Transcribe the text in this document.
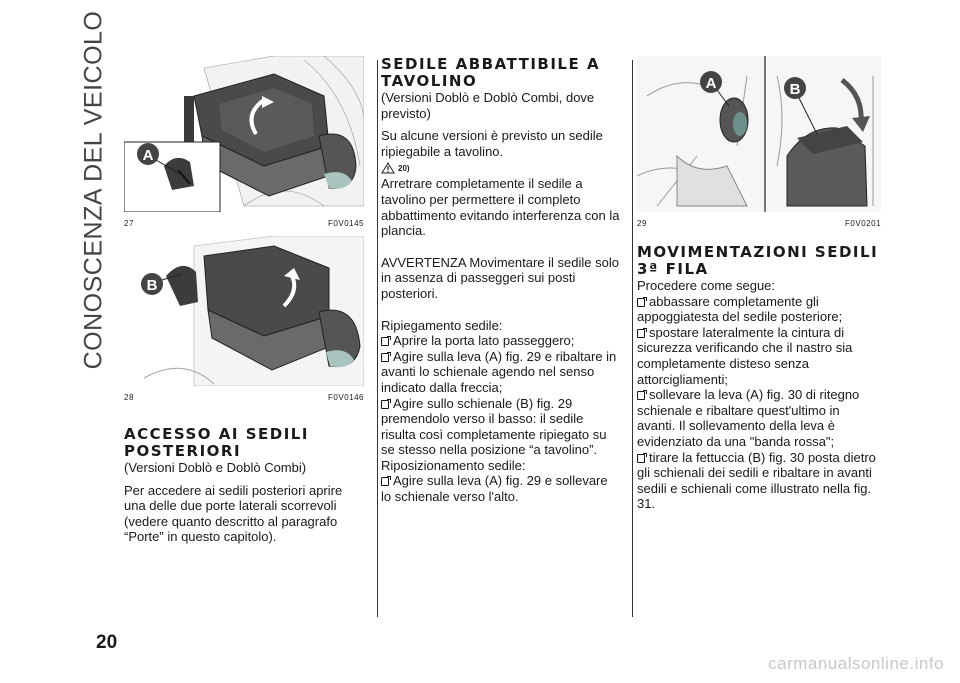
CONOSCENZA DEL VEICOLO
20
A
27	F0V0145
B
28	F0V0146
ACCESSO AI SEDILI POSTERIORI

(Versioni Doblò e Doblò Combi)

Per accedere ai sedili posteriori aprire una delle due porte laterali scorrevoli (vedere quanto descritto al paragrafo “Porte” in questo capitolo).

SEDILE ABBATTIBILE A TAVOLINO

(Versioni Doblò e Doblò Combi, dove previsto)

Su alcune versioni è previsto un sedile ripiegabile a tavolino.

20)

Arretrare completamente il sedile a tavolino per permettere il completo abbattimento evitando interferenza con la plancia.

AVVERTENZA Movimentare il sedile solo in assenza di passeggeri sui posti posteriori.

Ripiegamento sedile:

Aprire la porta lato passeggero;

Agire sulla leva (A) fig. 29 e ribaltare in avanti lo schienale agendo nel senso indicato dalla freccia;

Agire sullo schienale (B) fig. 29 premendolo verso il basso: il sedile risulta così completamente ripiegato su se stesso nella posizione “a tavolino”.

Riposizionamento sedile:

Agire sulla leva (A) fig. 29 e sollevare lo schienale verso l'alto.

A	B
29	F0V0201
MOVIMENTAZIONI SEDILI 3ª FILA

Procedere come segue:

abbassare completamente gli appoggiatesta del sedile posteriore;

spostare lateralmente la cintura di sicurezza verificando che il nastro sia completamente disteso senza attorcigliamenti;

sollevare la leva (A) fig. 30 di ritegno schienale e ribaltare quest'ultimo in avanti. Il sollevamento della leva è evidenziato da una "banda rossa";

tirare la fettuccia (B) fig. 30 posta dietro gli schienali dei sedili e ribaltare in avanti sedili e schienali come illustrato nella fig. 31.

carmanualsonline.info
